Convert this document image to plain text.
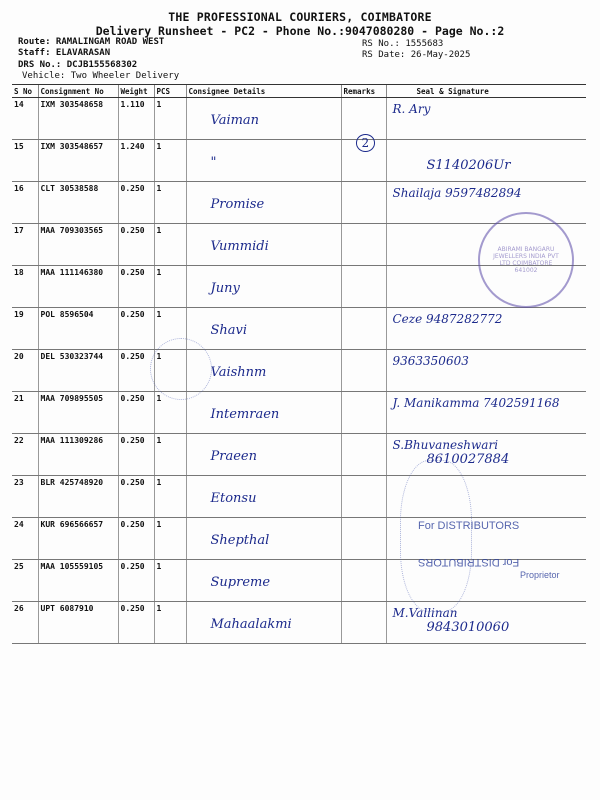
THE PROFESSIONAL COURIERS, COIMBATORE
Delivery Runsheet - PC2 - Phone No.:9047080280 - Page No.:2
Route: RAMALINGAM ROAD WEST
Staff: ELAVARASAN
DRS No.: DCJB155568302
Vehicle: Two Wheeler Delivery
RS No.: 1555683
RS Date: 26-May-2025
S No	Consignment No	Weight	PCS	Consignee Details	Remarks	Seal & Signature
14	IXM 303548658	1.110	1	Vaiman		R. Ary

15	IXM 303548657	1.240	1	"	2	S1140206Ur

16	CLT 30538588	0.250	1	Promise		Shailaja 9597482894

17	MAA 709303565	0.250	1	Vummidi		

18	MAA 111146380	0.250	1	Juny		

19	POL 8596504	0.250	1	Shavi		Ceze 9487282772

20	DEL 530323744	0.250	1	Vaishnm		9363350603

21	MAA 709895505	0.250	1	Intemraen		J. Manikamma 7402591168

22	MAA 111309286	0.250	1	Praeen		S.Bhuvaneshwari
8610027884

23	BLR 425748920	0.250	1	Etonsu		

24	KUR 696566657	0.250	1	Shepthal		

25	MAA 105559105	0.250	1	Supreme		

26	UPT 6087910	0.250	1	Mahaalakmi		M.Vallinan
9843010060
ABIRAMI BANGARU JEWELLERS INDIA PVT LTD COIMBATORE 641002
For DISTRIBUTORS
For DISTRIBUTORS
Proprietor
